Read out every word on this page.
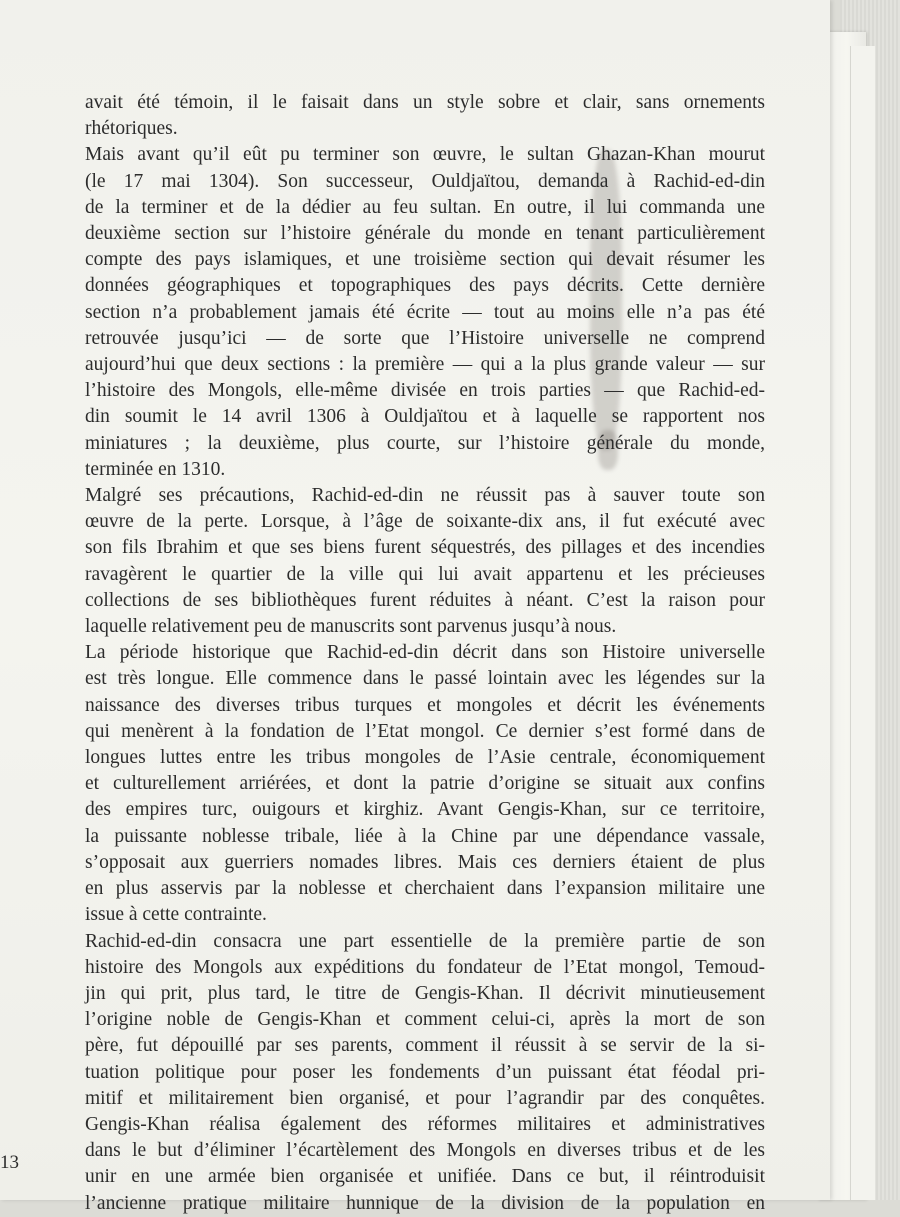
avait été témoin, il le faisait dans un style sobre et clair, sans ornements
rhétoriques.

Mais avant qu’il eût pu terminer son œuvre, le sultan Ghazan-Khan mourut
(le 17 mai 1304). Son successeur, Ouldjaïtou, demanda à Rachid-ed-din
de la terminer et de la dédier au feu sultan. En outre, il lui commanda une
deuxième section sur l’histoire générale du monde en tenant particulièrement
compte des pays islamiques, et une troisième section qui devait résumer les
données géographiques et topographiques des pays décrits. Cette dernière
section n’a probablement jamais été écrite — tout au moins elle n’a pas été
retrouvée jusqu’ici — de sorte que l’Histoire universelle ne comprend
aujourd’hui que deux sections : la première — qui a la plus grande valeur — sur
l’histoire des Mongols, elle-même divisée en trois parties — que Rachid-ed-
din soumit le 14 avril 1306 à Ouldjaïtou et à laquelle se rapportent nos
miniatures ; la deuxième, plus courte, sur l’histoire générale du monde,
terminée en 1310.

Malgré ses précautions, Rachid-ed-din ne réussit pas à sauver toute son
œuvre de la perte. Lorsque, à l’âge de soixante-dix ans, il fut exécuté avec
son fils Ibrahim et que ses biens furent séquestrés, des pillages et des incendies
ravagèrent le quartier de la ville qui lui avait appartenu et les précieuses
collections de ses bibliothèques furent réduites à néant. C’est la raison pour
laquelle relativement peu de manuscrits sont parvenus jusqu’à nous.

La période historique que Rachid-ed-din décrit dans son Histoire universelle
est très longue. Elle commence dans le passé lointain avec les légendes sur la
naissance des diverses tribus turques et mongoles et décrit les événements
qui menèrent à la fondation de l’Etat mongol. Ce dernier s’est formé dans de
longues luttes entre les tribus mongoles de l’Asie centrale, économiquement
et culturellement arriérées, et dont la patrie d’origine se situait aux confins
des empires turc, ouigours et kirghiz. Avant Gengis-Khan, sur ce territoire,
la puissante noblesse tribale, liée à la Chine par une dépendance vassale,
s’opposait aux guerriers nomades libres. Mais ces derniers étaient de plus
en plus asservis par la noblesse et cherchaient dans l’expansion militaire une
issue à cette contrainte.

Rachid-ed-din consacra une part essentielle de la première partie de son
histoire des Mongols aux expéditions du fondateur de l’Etat mongol, Temoud-
jin qui prit, plus tard, le titre de Gengis-Khan. Il décrivit minutieusement
l’origine noble de Gengis-Khan et comment celui-ci, après la mort de son
père, fut dépouillé par ses parents, comment il réussit à se servir de la si-
tuation politique pour poser les fondements d’un puissant état féodal pri-
mitif et militairement bien organisé, et pour l’agrandir par des conquêtes.
Gengis-Khan réalisa également des réformes militaires et administratives
dans le but d’éliminer l’écartèlement des Mongols en diverses tribus et de les
unir en une armée bien organisée et unifiée. Dans ce but, il réintroduisit
l’ancienne pratique militaire hunnique de la division de la population en

13
